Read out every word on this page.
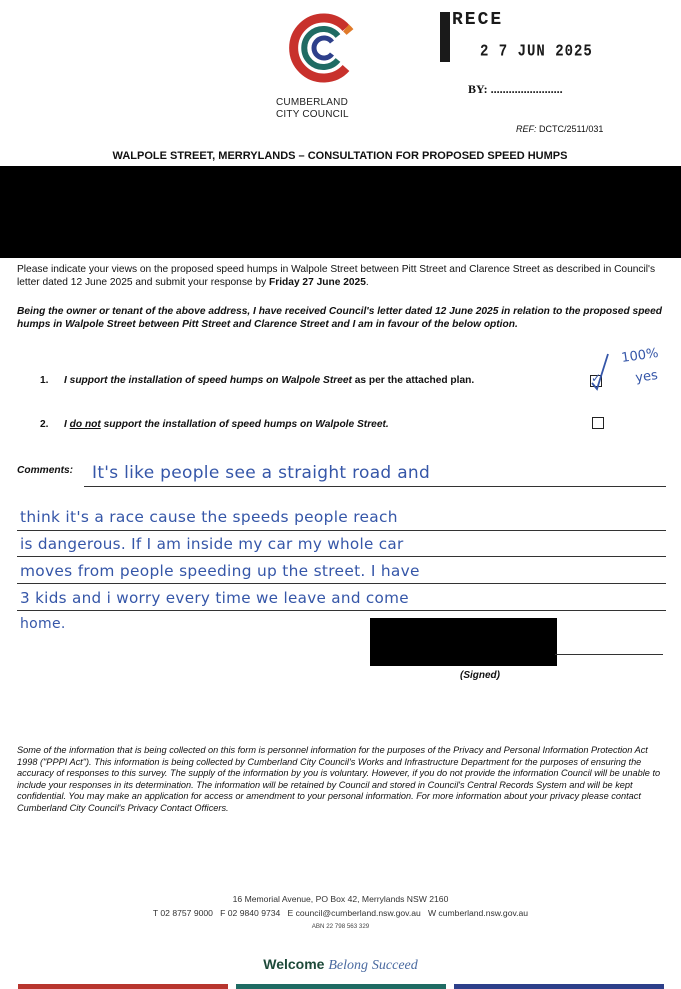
CUMBERLAND
CITY COUNCIL
RECE
2 7 JUN 2025
BY: ........................
REF: DCTC/2511/031
WALPOLE STREET, MERRYLANDS – CONSULTATION FOR PROPOSED SPEED HUMPS
Please indicate your views on the proposed speed humps in Walpole Street between Pitt Street and Clarence Street as described in Council's letter dated 12 June 2025 and submit your response by Friday 27 June 2025.
Being the owner or tenant of the above address, I have received Council's letter dated 12 June 2025 in relation to the proposed speed humps in Walpole Street between Pitt Street and Clarence Street and I am in favour of the below option.
1. I support the installation of speed humps on Walpole Street as per the attached plan.	✓
100%
yes
2. I do not support the installation of speed humps on Walpole Street.
Comments: It's like people see a straight road and
think it's a race cause the speeds people reach
is dangerous. If I am inside my car my whole car
moves from people speeding up the street. I have
3 kids and i worry every time we leave and come
home.
(Signed)
Some of the information that is being collected on this form is personnel information for the purposes of the Privacy and Personal Information Protection Act 1998 ("PPPI Act"). This information is being collected by Cumberland City Council's Works and Infrastructure Department for the purposes of ensuring the accuracy of responses to this survey. The supply of the information by you is voluntary. However, if you do not provide the information Council will be unable to include your responses in its determination. The information will be retained by Council and stored in Council's Central Records System and will be kept confidential. You may make an application for access or amendment to your personal information. For more information about your privacy please contact Cumberland City Council's Privacy Contact Officers.
16 Memorial Avenue, PO Box 42, Merrylands NSW 2160
T 02 8757 9000 F 02 9840 9734 E council@cumberland.nsw.gov.au W cumberland.nsw.gov.au
ABN 22 798 563 329
Welcome Belong Succeed
